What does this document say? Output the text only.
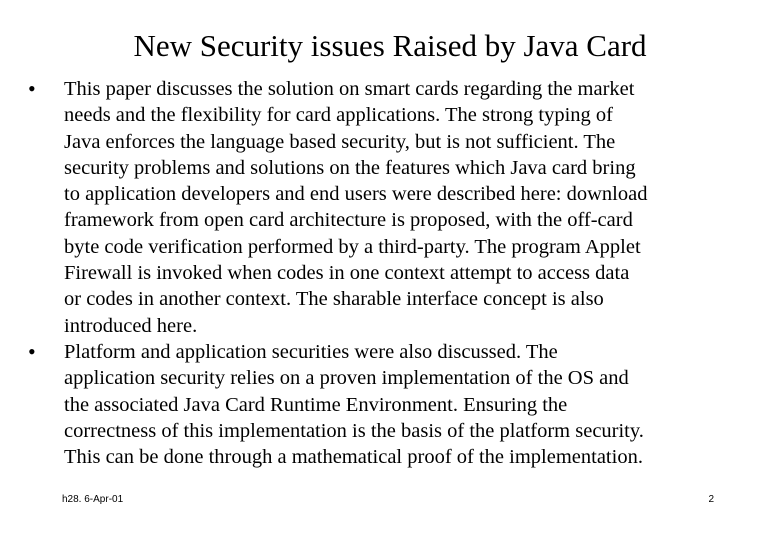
New Security issues Raised by Java Card
• This paper discusses the solution on smart cards regarding the market
needs and the flexibility for card applications. The strong typing of
Java enforces the language based security, but is not sufficient. The
security problems and solutions on the features which Java card bring
to application developers and end users were described here: download
framework from open card architecture is proposed, with the off-card
byte code verification performed by a third-party. The program Applet
Firewall is invoked when codes in one context attempt to access data
or codes in another context. The sharable interface concept is also
introduced here.
• Platform and application securities were also discussed. The
application security relies on a proven implementation of the OS and
the associated Java Card Runtime Environment. Ensuring the
correctness of this implementation is the basis of the platform security.
This can be done through a mathematical proof of the implementation.
h28. 6-Apr-01	2
